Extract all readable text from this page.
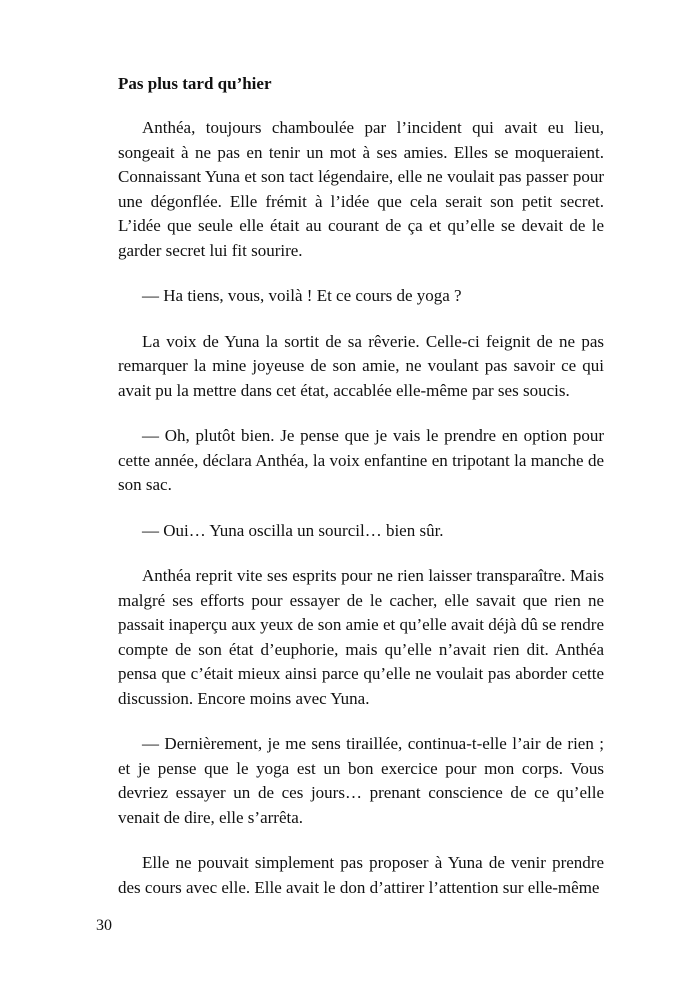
Pas plus tard qu’hier

Anthéa, toujours chamboulée par l’incident qui avait eu lieu, songeait à ne pas en tenir un mot à ses amies. Elles se moqueraient. Connaissant Yuna et son tact légendaire, elle ne voulait pas passer pour une dégonflée. Elle frémit à l’idée que cela serait son petit secret. L’idée que seule elle était au courant de ça et qu’elle se devait de le garder secret lui fit sourire.

— Ha tiens, vous, voilà ! Et ce cours de yoga ?

La voix de Yuna la sortit de sa rêverie. Celle-ci feignit de ne pas remarquer la mine joyeuse de son amie, ne voulant pas savoir ce qui avait pu la mettre dans cet état, accablée elle-même par ses soucis.

— Oh, plutôt bien. Je pense que je vais le prendre en option pour cette année, déclara Anthéa, la voix enfantine en tripotant la manche de son sac.

— Oui… Yuna oscilla un sourcil… bien sûr.

Anthéa reprit vite ses esprits pour ne rien laisser transparaître. Mais malgré ses efforts pour essayer de le cacher, elle savait que rien ne passait inaperçu aux yeux de son amie et qu’elle avait déjà dû se rendre compte de son état d’euphorie, mais qu’elle n’avait rien dit. Anthéa pensa que c’était mieux ainsi parce qu’elle ne voulait pas aborder cette discussion. Encore moins avec Yuna.

— Dernièrement, je me sens tiraillée, continua-t-elle l’air de rien ; et je pense que le yoga est un bon exercice pour mon corps. Vous devriez essayer un de ces jours… prenant conscience de ce qu’elle venait de dire, elle s’arrêta.

Elle ne pouvait simplement pas proposer à Yuna de venir prendre des cours avec elle. Elle avait le don d’attirer l’attention sur elle-même

30
